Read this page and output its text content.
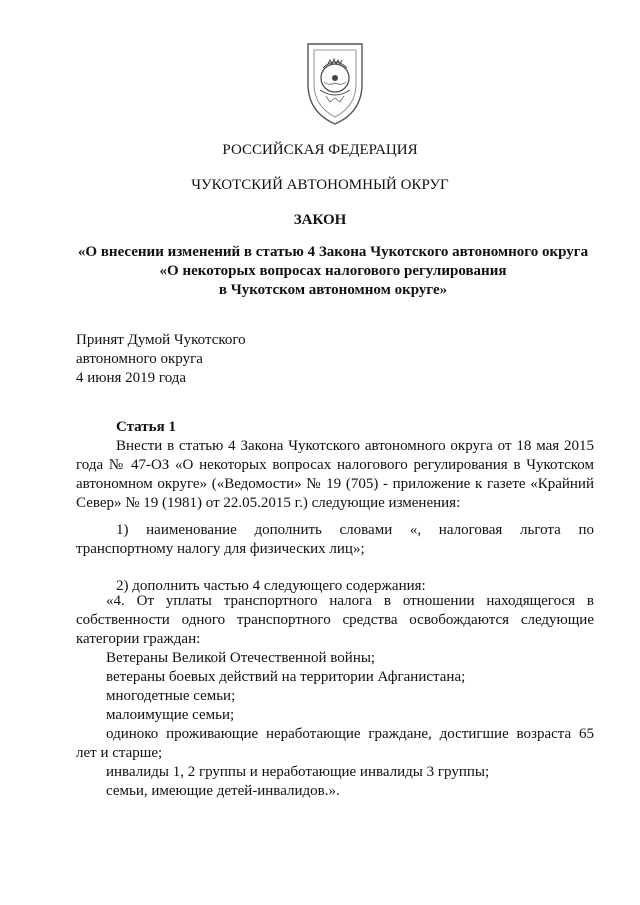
РОССИЙСКАЯ ФЕДЕРАЦИЯ
ЧУКОТСКИЙ АВТОНОМНЫЙ ОКРУГ
ЗАКОН
«О внесении изменений в статью 4 Закона Чукотского автономного округа
«О некоторых вопросах налогового регулирования
в Чукотском автономном округе»
Принят Думой Чукотского
автономного округа
4 июня 2019 года
Статья 1

Внести в статью 4 Закона Чукотского автономного округа от 18 мая 2015 года № 47-ОЗ «О некоторых вопросах налогового регулирования в Чукотском автономном округе» («Ведомости» № 19 (705) - приложение к газете «Крайний Север» № 19 (1981) от 22.05.2015 г.) следующие изменения:

1) наименование дополнить словами «, налоговая льгота по транспортному налогу для физических лиц»;

2) дополнить частью 4 следующего содержания:

«4. От уплаты транспортного налога в отношении находящегося в собственности одного транспортного средства освобождаются следующие категории граждан:

Ветераны Великой Отечественной войны;

ветераны боевых действий на территории Афганистана;

многодетные семьи;

малоимущие семьи;

одиноко проживающие неработающие граждане, достигшие возраста 65 лет и старше;

инвалиды 1, 2 группы и неработающие инвалиды 3 группы;

семьи, имеющие детей-инвалидов.».
